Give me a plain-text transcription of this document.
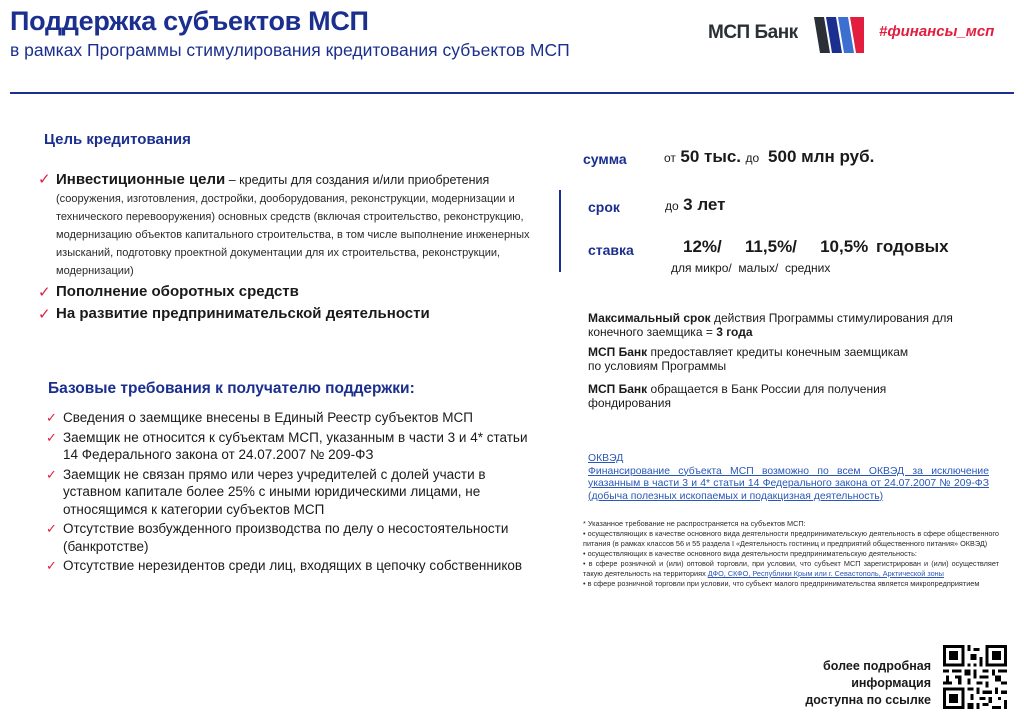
Поддержка субъектов МСП
в рамках Программы стимулирования кредитования субъектов МСП
МСП Банк	#финансы_мсп
Цель кредитования
✓ Инвестиционные цели – кредиты для создания и/или приобретения (сооружения, изготовления, достройки, дооборудования, реконструкции, модернизации и технического перевооружения) основных средств (включая строительство, реконструкцию, модернизацию объектов капитального строительства, в том числе выполнение инженерных изысканий, подготовку проектной документации для их строительства, реконструкции, модернизации)
✓ Пополнение оборотных средств
✓ На развитие предпринимательской деятельности
Базовые требования к получателю поддержки:
✓ Сведения о заемщике внесены в Единый Реестр субъектов МСП
✓ Заемщик не относится к субъектам МСП, указанным в части 3 и 4* статьи 14 Федерального закона от 24.07.2007 № 209-ФЗ
✓ Заемщик не связан прямо или через учредителей с долей участи в уставном капитале более 25% с иными юридическими лицами, не относящимся к категории субъектов МСП
✓ Отсутствие возбужденного производства по делу о несостоятельности (банкротстве)
✓ Отсутствие нерезидентов среди лиц, входящих в цепочку собственников
сумма	от 50 тыс. до 500 млн руб.
срок	до 3 лет
ставка	12%/   11,5%/   10,5% годовых
для микро/  малых/  средних
Максимальный срок действия Программы стимулирования для конечного заемщика = 3 года
МСП Банк предоставляет кредиты конечным заемщикам по условиям Программы
МСП Банк обращается в Банк России для получения фондирования
ОКВЭД
Финансирование субъекта МСП возможно по всем ОКВЭД за исключение указанным в части 3 и 4* статьи 14 Федерального закона от 24.07.2007 № 209-ФЗ (добыча полезных ископаемых и подакцизная деятельность)
* Указанное требование не распространяется на субъектов МСП:
• осуществляющих в качестве основного вида деятельности предпринимательскую деятельность в сфере общественного питания (в рамках классов 56 и 55 раздела I «Деятельность гостиниц и предприятий общественного питания» ОКВЭД)
• осуществляющих в качестве основного вида деятельности предпринимательскую деятельность:
• в сфере розничной и (или) оптовой торговли, при условии, что субъект МСП зарегистрирован и (или) осуществляет такую деятельность на территориях ДФО, СКФО, Республики Крым или г. Севастополь, Арктической зоны
• в сфере розничной торговли при условии, что субъект малого предпринимательства является микропредприятием
более подробная
информация
доступна по ссылке
